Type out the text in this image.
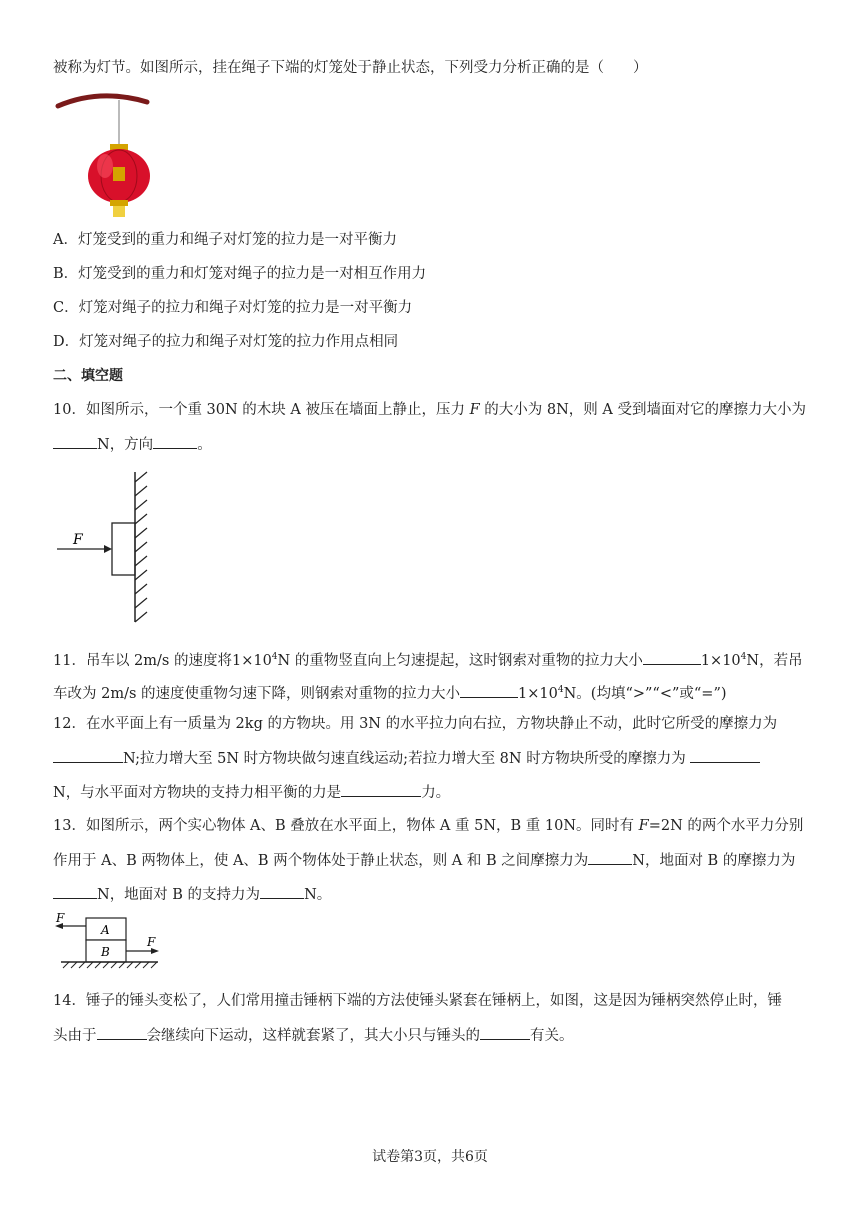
被称为灯节。如图所示，挂在绳子下端的灯笼处于静止状态，下列受力分析正确的是（　　）
A．灯笼受到的重力和绳子对灯笼的拉力是一对平衡力
B．灯笼受到的重力和灯笼对绳子的拉力是一对相互作用力
C．灯笼对绳子的拉力和绳子对灯笼的拉力是一对平衡力
D．灯笼对绳子的拉力和绳子对灯笼的拉力作用点相同
二、填空题
10．如图所示，一个重 30N 的木块 A 被压在墙面上静止，压力 F 的大小为 8N，则 A 受到墙面对它的摩擦力大小为
N，方向	。
F
11．吊车以 2m/s 的速度将$1\times 10^4N$ 的重物竖直向上匀速提起，这时钢索对重物的拉力大小	$1\times 10^4N$，若吊
车改为 2m/s 的速度使重物匀速下降，则钢索对重物的拉力大小	$1\times 10^4N$。(均填“>”“<”或“=”)
12．在水平面上有一质量为 2kg 的方物块。用 3N 的水平拉力向右拉，方物块静止不动，此时它所受的摩擦力为
N;拉力增大至 5N 时方物块做匀速直线运动;若拉力增大至 8N 时方物块所受的摩擦力为
N，与水平面对方物块的支持力相平衡的力是	力。
13．如图所示，两个实心物体 A、B 叠放在水平面上，物体 A 重 5N，B 重 10N。同时有 F=2N 的两个水平力分别
作用于 A、B 两物体上，使 A、B 两个物体处于静止状态，则 A 和 B 之间摩擦力为	N，地面对 B 的摩擦力为
N，地面对 B 的支持力为	N。
F
F
A
B
14．锤子的锤头变松了，人们常用撞击锤柄下端的方法使锤头紧套在锤柄上，如图，这是因为锤柄突然停止时，锤
头由于	会继续向下运动，这样就套紧了，其大小只与锤头的	有关。
试卷第3页，共6页
